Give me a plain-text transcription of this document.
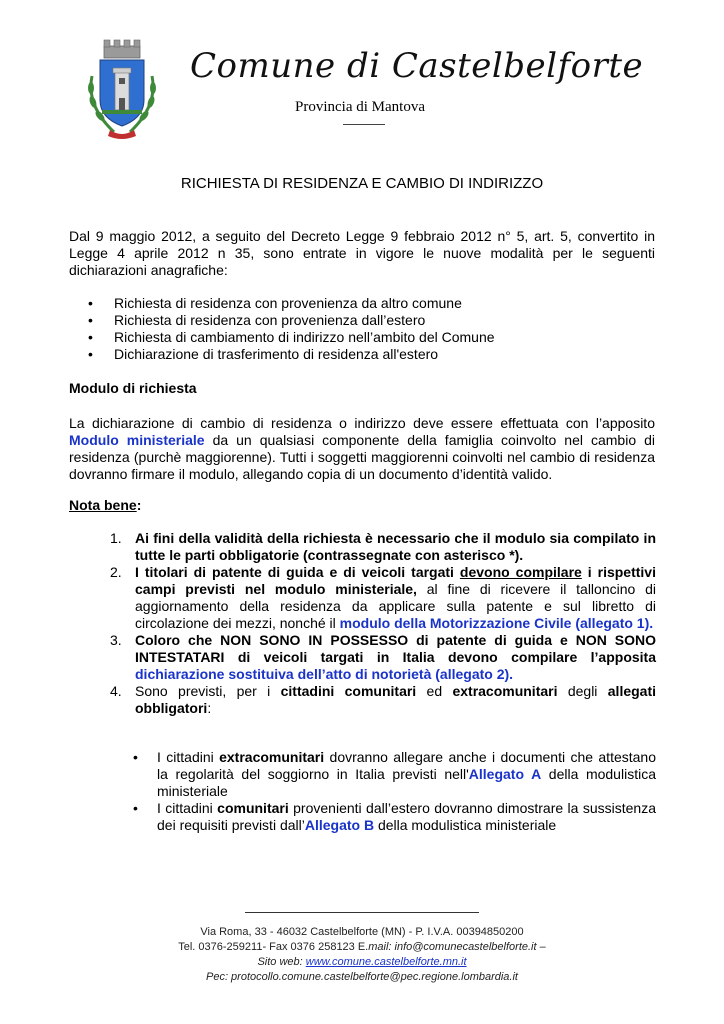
Comune di Castelbelforte
Provincia di Mantova
RICHIESTA DI RESIDENZA E CAMBIO DI INDIRIZZO

Dal 9 maggio 2012, a seguito del Decreto Legge 9 febbraio 2012 n° 5, art. 5, convertito in Legge 4 aprile 2012 n 35, sono entrate in vigore le nuove modalità per le seguenti dichiarazioni anagrafiche:

• Richiesta di residenza con provenienza da altro comune
• Richiesta di residenza con provenienza dall’estero
• Richiesta di cambiamento di indirizzo nell’ambito del Comune
• Dichiarazione di trasferimento di residenza all'estero
Modulo di richiesta

La dichiarazione di cambio di residenza o indirizzo deve essere effettuata con l’apposito Modulo ministeriale da un qualsiasi componente della famiglia coinvolto nel cambio di residenza (purchè maggiorenne). Tutti i soggetti maggiorenni coinvolti nel cambio di residenza dovranno firmare il modulo, allegando copia di un documento d’identità valido.

Nota bene:
1. Ai fini della validità della richiesta è necessario che il modulo sia compilato in tutte le parti obbligatorie (contrassegnate con asterisco *).
2. I titolari di patente di guida e di veicoli targati devono compilare i rispettivi campi previsti nel modulo ministeriale, al fine di ricevere il talloncino di aggiornamento della residenza da applicare sulla patente e sul libretto di circolazione dei mezzi, nonché il modulo della Motorizzazione Civile (allegato 1).
3. Coloro che NON SONO IN POSSESSO di patente di guida e NON SONO INTESTATARI di veicoli targati in Italia devono compilare l’apposita dichiarazione sostituiva dell’atto di notorietà (allegato 2).
4. Sono previsti, per i cittadini comunitari ed extracomunitari degli allegati obbligatori:
• I cittadini extracomunitari dovranno allegare anche i documenti che attestano la regolarità del soggiorno in Italia previsti nell'Allegato A della modulistica ministeriale
• I cittadini comunitari provenienti dall’estero dovranno dimostrare la sussistenza dei requisiti previsti dall’Allegato B della modulistica ministeriale
Via Roma, 33 - 46032 Castelbelforte (MN) - P. I.V.A. 00394850200
Tel. 0376-259211- Fax 0376 258123 E.mail: info@comunecastelbelforte.it –
Sito web: www.comune.castelbelforte.mn.it
Pec: protocollo.comune.castelbelforte@pec.regione.lombardia.it
